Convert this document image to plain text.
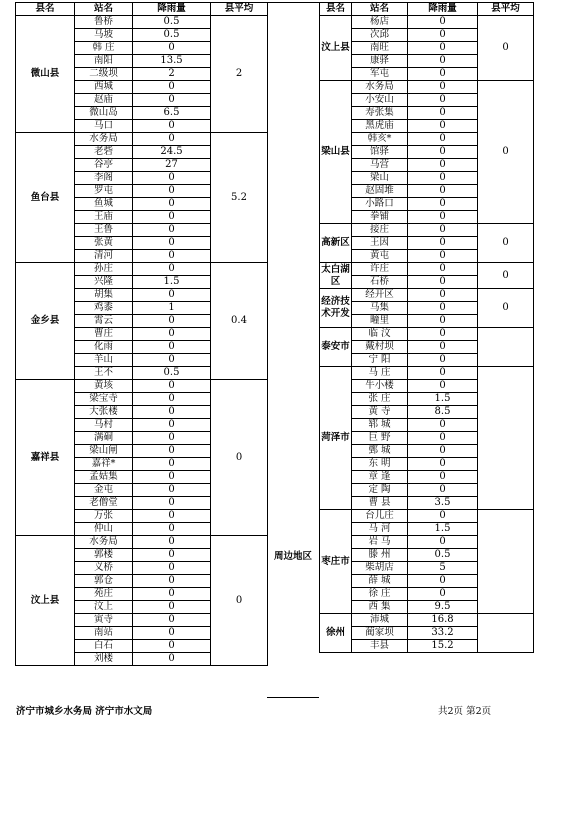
县名	站名	降雨量	县平均
微山县	鲁桥	0.5	2
	马坡	0.5	
	韩 庄	0	
	南阳	13.5	
	二级坝	2	
	西城	0	
	赵庙	0	
	微山岛	6.5	
	马口	0	
鱼台县	水务局	0	5.2
	老砦	24.5	
	谷亭	27	
	李阁	0	
	罗屯	0	
	鱼城	0	
	王庙	0	
	王鲁	0	
	张黄	0	
	清河	0	
金乡县	孙庄	0	0.4
	兴隆	1.5	
	胡集	0	
	鸡黍	1	
	霄云	0	
	曹庄	0	
	化雨	0	
	羊山	0	
	王不	0.5	
嘉祥县	黄垓	0	0
	梁宝寺	0	
	大张楼	0	
	马村	0	
	满硐	0	
	梁山闸	0	
	嘉祥*	0	
	孟姑集	0	
	金屯	0	
	老僧堂	0	
	万张	0	
	仲山	0	
汶上县	水务局	0	0
	郭楼	0	
	义桥	0	
	郭仓	0	
	苑庄	0	
	汶上	0	
	寅寺	0	
	南站	0	
	白石	0	
	刘楼	0	
周边地区
县名	站名	降雨量	县平均
汶上县	杨店	0	0
	次邱	0	
	南旺	0	
	康驿	0	
	军屯	0	
梁山县	水务局	0	0
	小安山	0	
	寿张集	0	
	黑虎庙	0	
	韩亥*	0	
	馆驿	0	
	马营	0	
	梁山	0	
	赵固堆	0	
	小路口	0	
	拳铺	0	
高新区	接庄	0	0
	王因	0	
	黄屯	0	
太白湖区	许庄	0	0
	石桥	0	
经济技术开发	经开区	0	0
	马集	0	
	疃里	0	
泰安市	临 汶	0	
	戴村坝	0	
	宁 阳	0	
菏泽市	马 庄	0	
	牛小楼	0	
	张 庄	1.5	
	黄 寺	8.5	
	郓 城	0	
	巨 野	0	
	鄄 城	0	
	东 明	0	
	章 逢	0	
	定 陶	0	
	曹 县	3.5	
枣庄市	台儿庄	0	
	马 河	1.5	
	岩 马	0	
	滕 州	0.5	
	柴胡店	5	
	薛 城	0	
	徐 庄	0	
	西 集	9.5	
徐州	沛城	16.8	
	蔺家坝	33.2	
	丰县	15.2	
济宁市城乡水务局 济宁市水文局	共2页 第2页
